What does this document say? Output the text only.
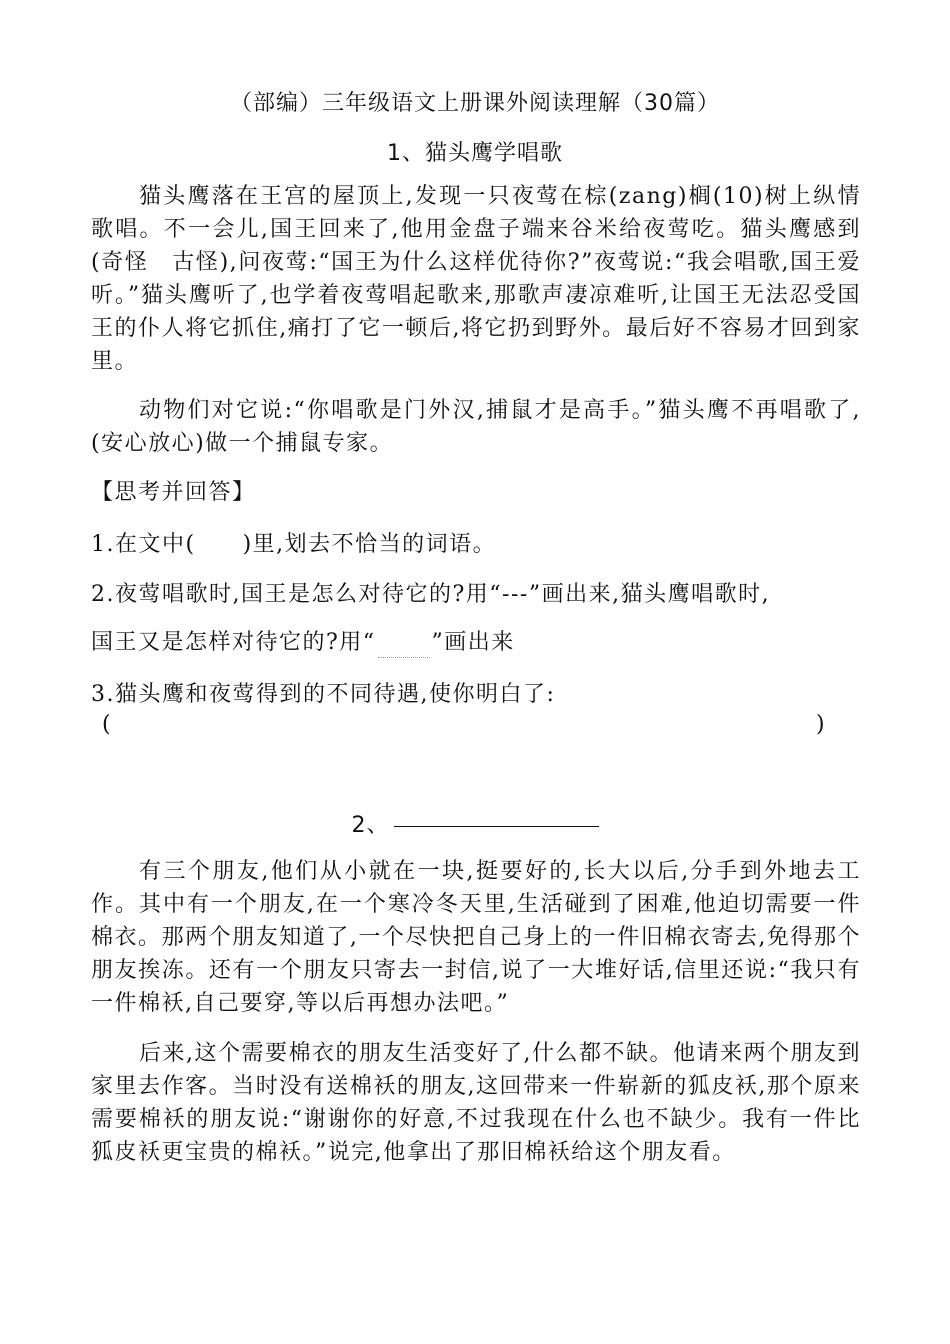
（部编）三年级语文上册课外阅读理解（30篇）
1、猫头鹰学唱歌

猫头鹰落在王宫的屋顶上,发现一只夜莺在棕(zang)榈(10)树上纵情歌唱。不一会儿,国王回来了,他用金盘子端来谷米给夜莺吃。猫头鹰感到(奇怪　古怪),问夜莺:“国王为什么这样优待你?”夜莺说:“我会唱歌,国王爱听。”猫头鹰听了,也学着夜莺唱起歌来,那歌声凄凉难听,让国王无法忍受国王的仆人将它抓住,痛打了它一顿后,将它扔到野外。最后好不容易才回到家里。

动物们对它说:“你唱歌是门外汉,捕鼠才是高手。”猫头鹰不再唱歌了,(安心放心)做一个捕鼠专家。

【思考并回答】
1.在文中(　　)里,划去不恰当的词语。
2.夜莺唱歌时,国王是怎么对待它的?用“---”画出来,猫头鹰唱歌时,
国王又是怎样对待它的?用“	”画出来
3.猫头鹰和夜莺得到的不同待遇,使你明白了:
(	)
2、

有三个朋友,他们从小就在一块,挺要好的,长大以后,分手到外地去工作。其中有一个朋友,在一个寒冷冬天里,生活碰到了困难,他迫切需要一件棉衣。那两个朋友知道了,一个尽快把自己身上的一件旧棉衣寄去,免得那个朋友挨冻。还有一个朋友只寄去一封信,说了一大堆好话,信里还说:“我只有一件棉袄,自己要穿,等以后再想办法吧。”

后来,这个需要棉衣的朋友生活变好了,什么都不缺。他请来两个朋友到家里去作客。当时没有送棉袄的朋友,这回带来一件崭新的狐皮袄,那个原来需要棉袄的朋友说:“谢谢你的好意,不过我现在什么也不缺少。我有一件比狐皮袄更宝贵的棉袄。”说完,他拿出了那旧棉袄给这个朋友看。
